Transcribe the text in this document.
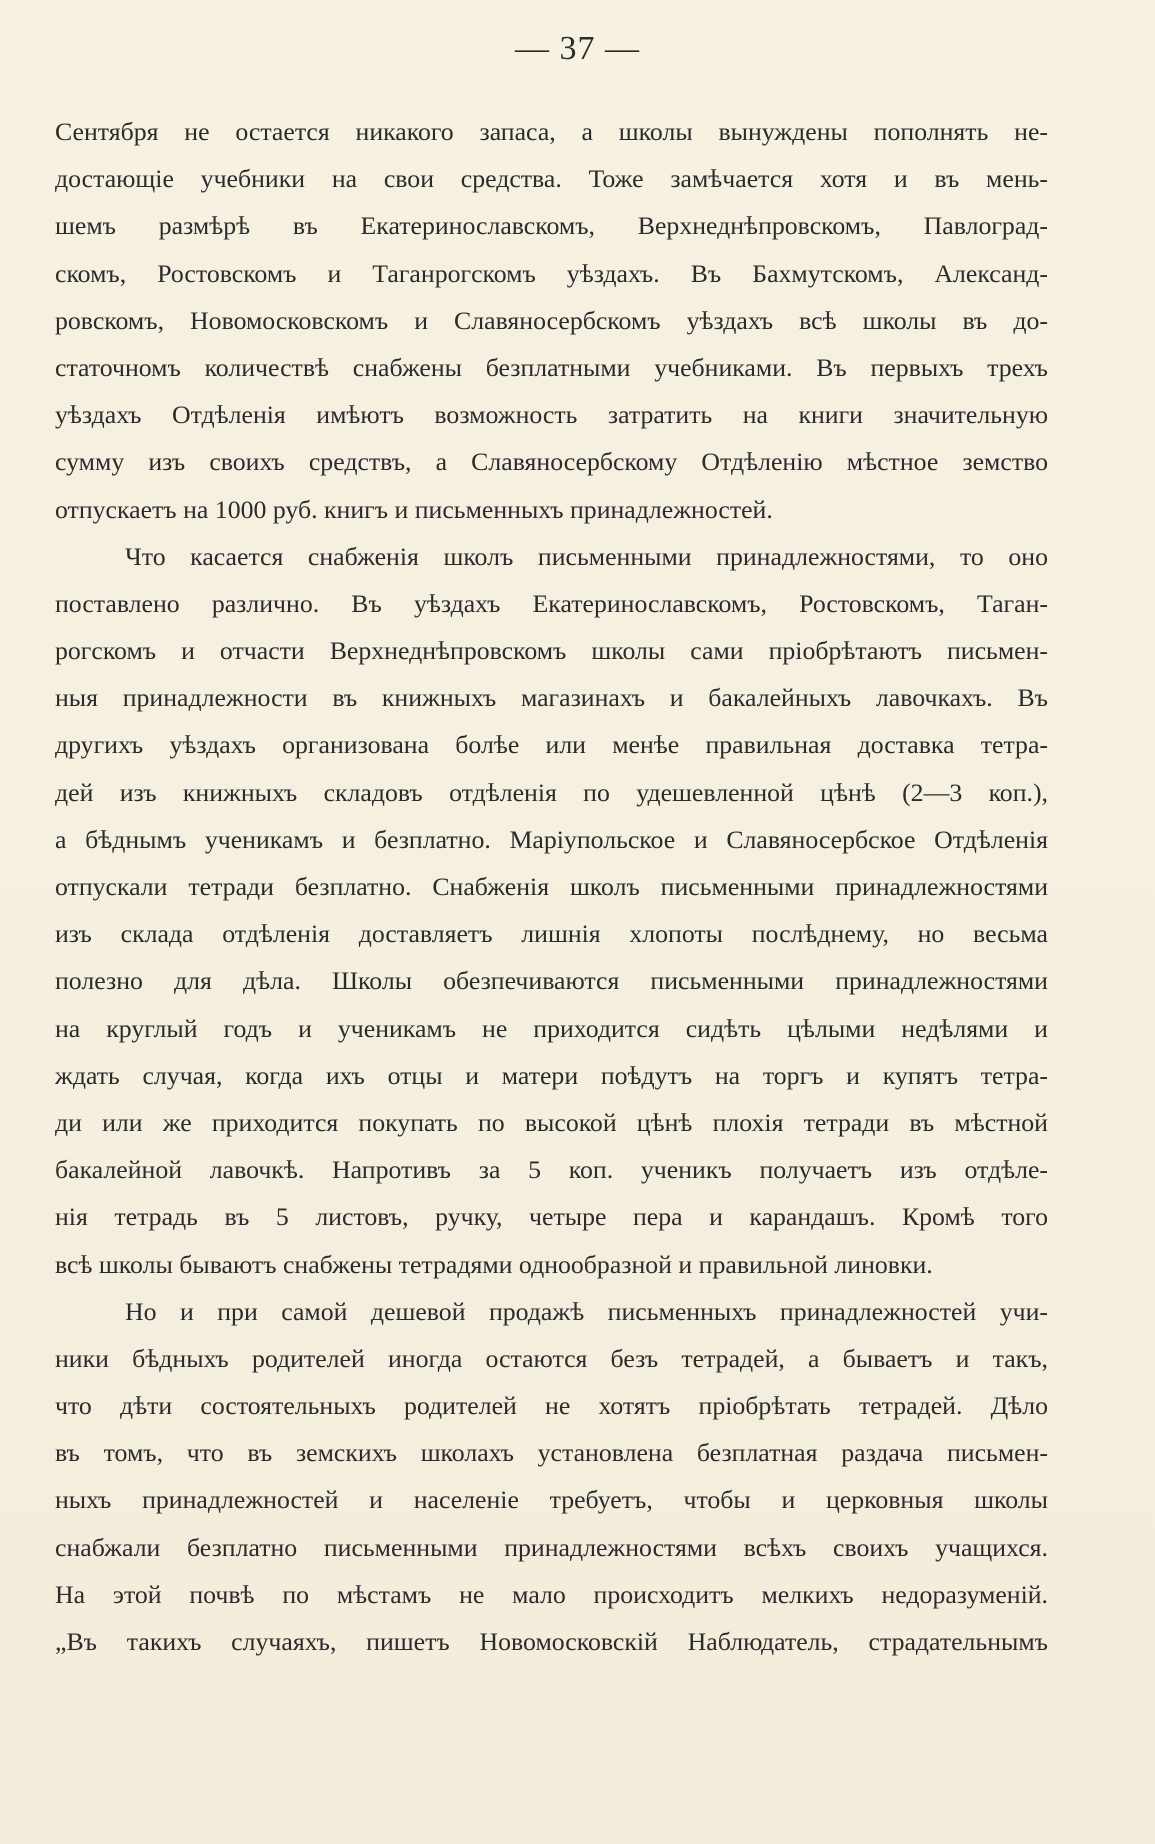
— 37 —
Сентября не остается никакого запаса, а школы вынуждены пополнять не-
достающіе учебники на свои средства. Тоже замѣчается хотя и въ мень-
шемъ размѣрѣ въ Екатеринославскомъ, Верхнеднѣпровскомъ, Павлоград-
скомъ, Ростовскомъ и Таганрогскомъ уѣздахъ. Въ Бахмутскомъ, Александ-
ровскомъ, Новомосковскомъ и Славяносербскомъ уѣздахъ всѣ школы въ до-
статочномъ количествѣ снабжены безплатными учебниками. Въ первыхъ трехъ
уѣздахъ Отдѣленія имѣютъ возможность затратить на книги значительную
сумму изъ своихъ средствъ, а Славяносербскому Отдѣленію мѣстное земство
отпускаетъ на 1000 руб. книгъ и письменныхъ принадлежностей.
Что касается снабженія школъ письменными принадлежностями, то оно
поставлено различно. Въ уѣздахъ Екатеринославскомъ, Ростовскомъ, Таган-
рогскомъ и отчасти Верхнеднѣпровскомъ школы сами пріобрѣтаютъ письмен-
ныя принадлежности въ книжныхъ магазинахъ и бакалейныхъ лавочкахъ. Въ
другихъ уѣздахъ организована болѣе или менѣе правильная доставка тетра-
дей изъ книжныхъ складовъ отдѣленія по удешевленной цѣнѣ (2—3 коп.),
а бѣднымъ ученикамъ и безплатно. Маріупольское и Славяносербское Отдѣленія
отпускали тетради безплатно. Снабженія школъ письменными принадлежностями
изъ склада отдѣленія доставляетъ лишнія хлопоты послѣднему, но весьма
полезно для дѣла. Школы обезпечиваются письменными принадлежностями
на круглый годъ и ученикамъ не приходится сидѣть цѣлыми недѣлями и
ждать случая, когда ихъ отцы и матери поѣдутъ на торгъ и купятъ тетра-
ди или же приходится покупать по высокой цѣнѣ плохія тетради въ мѣстной
бакалейной лавочкѣ. Напротивъ за 5 коп. ученикъ получаетъ изъ отдѣле-
нія тетрадь въ 5 листовъ, ручку, четыре пера и карандашъ. Кромѣ того
всѣ школы бываютъ снабжены тетрадями однообразной и правильной линовки.
Но и при самой дешевой продажѣ письменныхъ принадлежностей учи-
ники бѣдныхъ родителей иногда остаются безъ тетрадей, а бываетъ и такъ,
что дѣти состоятельныхъ родителей не хотятъ пріобрѣтать тетрадей. Дѣло
въ томъ, что въ земскихъ школахъ установлена безплатная раздача письмен-
ныхъ принадлежностей и населеніе требуетъ, чтобы и церковныя школы
снабжали безплатно письменными принадлежностями всѣхъ своихъ учащихся.
На этой почвѣ по мѣстамъ не мало происходитъ мелкихъ недоразуменій.
„Въ такихъ случаяхъ, пишетъ Новомосковскій Наблюдатель, страдательнымъ
